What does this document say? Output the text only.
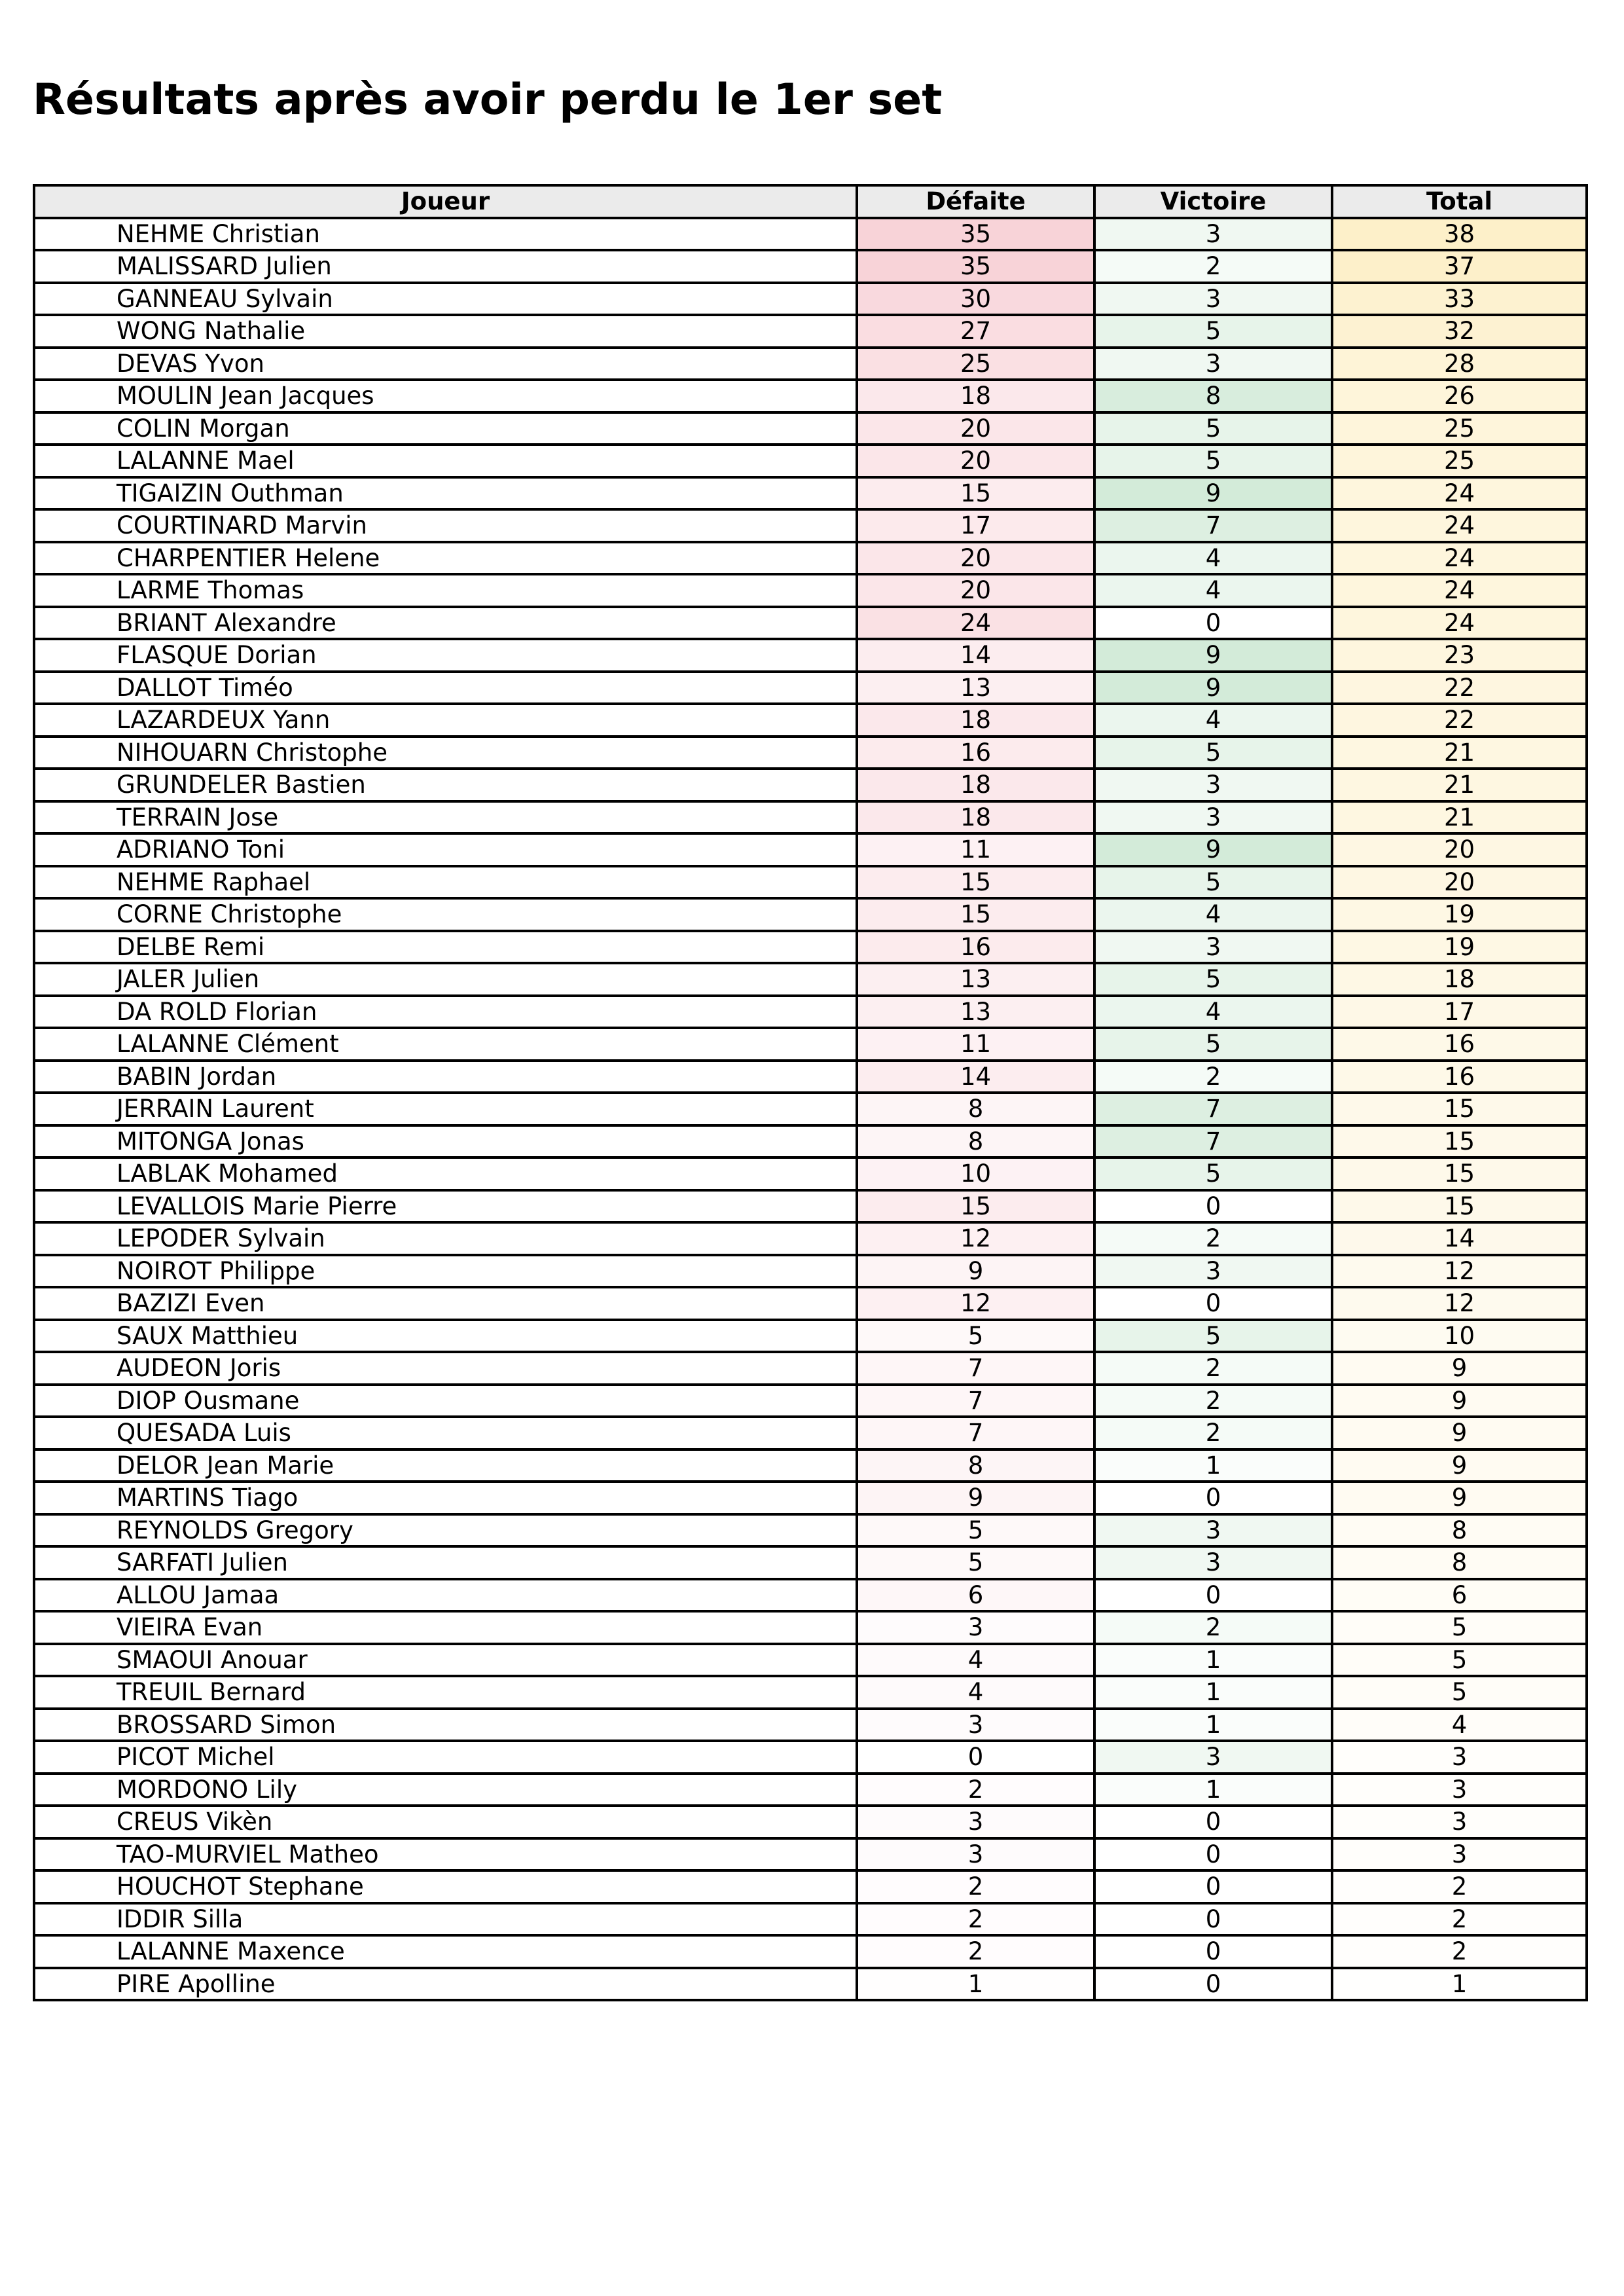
Résultats après avoir perdu le 1er set
Joueur	Défaite	Victoire	Total
NEHME Christian	35	3	38
MALISSARD Julien	35	2	37
GANNEAU Sylvain	30	3	33
WONG Nathalie	27	5	32
DEVAS Yvon	25	3	28
MOULIN Jean Jacques	18	8	26
COLIN Morgan	20	5	25
LALANNE Mael	20	5	25
TIGAIZIN Outhman	15	9	24
COURTINARD Marvin	17	7	24
CHARPENTIER Helene	20	4	24
LARME Thomas	20	4	24
BRIANT Alexandre	24	0	24
FLASQUE Dorian	14	9	23
DALLOT Timéo	13	9	22
LAZARDEUX Yann	18	4	22
NIHOUARN Christophe	16	5	21
GRUNDELER Bastien	18	3	21
TERRAIN Jose	18	3	21
ADRIANO Toni	11	9	20
NEHME Raphael	15	5	20
CORNE Christophe	15	4	19
DELBE Remi	16	3	19
JALER Julien	13	5	18
DA ROLD Florian	13	4	17
LALANNE Clément	11	5	16
BABIN Jordan	14	2	16
JERRAIN Laurent	8	7	15
MITONGA Jonas	8	7	15
LABLAK Mohamed	10	5	15
LEVALLOIS Marie Pierre	15	0	15
LEPODER Sylvain	12	2	14
NOIROT Philippe	9	3	12
BAZIZI Even	12	0	12
SAUX Matthieu	5	5	10
AUDEON Joris	7	2	9
DIOP Ousmane	7	2	9
QUESADA Luis	7	2	9
DELOR Jean Marie	8	1	9
MARTINS Tiago	9	0	9
REYNOLDS Gregory	5	3	8
SARFATI Julien	5	3	8
ALLOU Jamaa	6	0	6
VIEIRA Evan	3	2	5
SMAOUI Anouar	4	1	5
TREUIL Bernard	4	1	5
BROSSARD Simon	3	1	4
PICOT Michel	0	3	3
MORDONO Lily	2	1	3
CREUS Vikèn	3	0	3
TAO-MURVIEL Matheo	3	0	3
HOUCHOT Stephane	2	0	2
IDDIR Silla	2	0	2
LALANNE Maxence	2	0	2
PIRE Apolline	1	0	1
